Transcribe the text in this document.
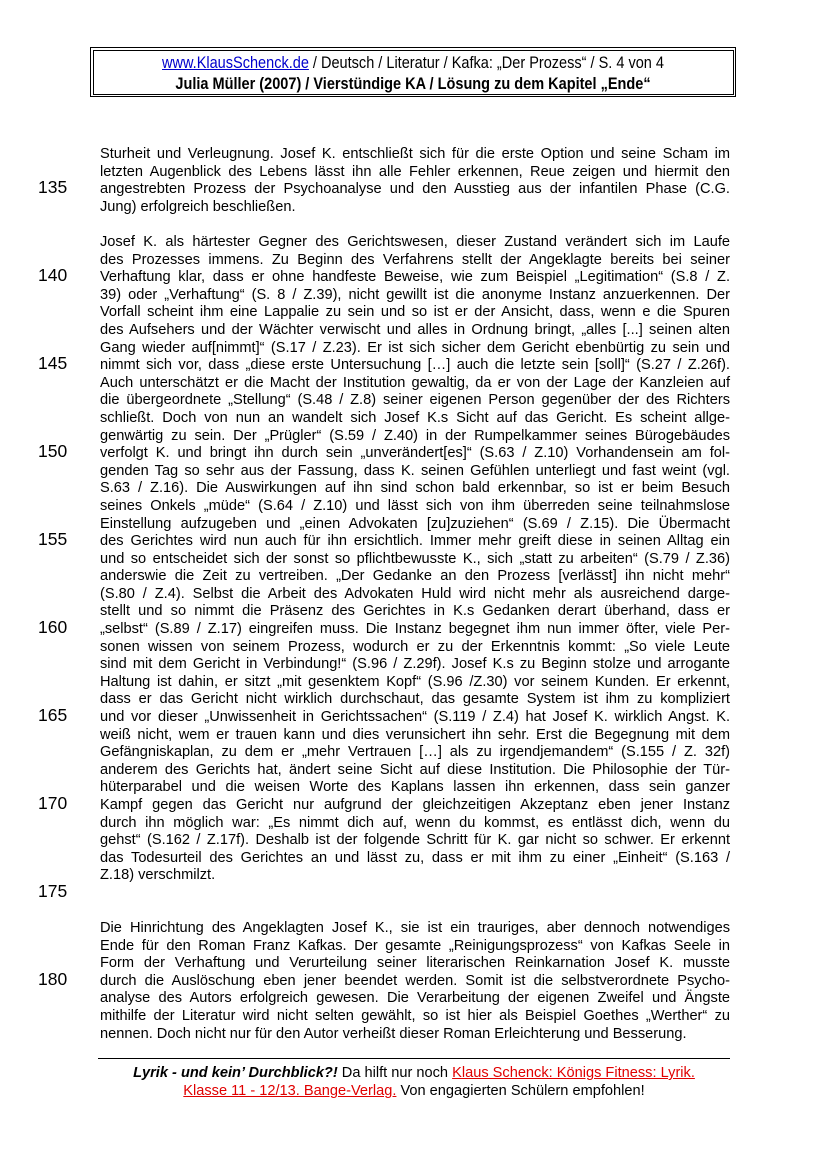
www.KlausSchenck.de / Deutsch / Literatur / Kafka: „Der Prozess“ / S. 4 von 4
Julia Müller (2007) / Vierstündige KA / Lösung zu dem Kapitel „Ende“
135
140
145
150
155
160
165
170
175
180
Sturheit und Verleugnung. Josef K. entschließt sich für die erste Option und seine Scham im
letzten Augenblick des Lebens lässt ihn alle Fehler erkennen, Reue zeigen und hiermit den
angestrebten Prozess der Psychoanalyse und den Ausstieg aus der infantilen Phase (C.G.
Jung) erfolgreich beschließen.
Josef K. als härtester Gegner des Gerichtswesen, dieser Zustand verändert sich im Laufe
des Prozesses immens. Zu Beginn des Verfahrens stellt der Angeklagte bereits bei seiner
Verhaftung klar, dass er ohne handfeste Beweise, wie zum Beispiel „Legitimation“ (S.8 / Z.
39) oder „Verhaftung“ (S. 8 / Z.39), nicht gewillt ist die anonyme Instanz anzuerkennen. Der
Vorfall scheint ihm eine Lappalie zu sein und so ist er der Ansicht, dass, wenn e die Spuren
des Aufsehers und der Wächter verwischt und alles in Ordnung bringt, „alles [...] seinen alten
Gang wieder auf[nimmt]“ (S.17 / Z.23). Er ist sich sicher dem Gericht ebenbürtig zu sein und
nimmt sich vor, dass „diese erste Untersuchung […] auch die letzte sein [soll]“ (S.27 / Z.26f).
Auch unterschätzt er die Macht der Institution gewaltig, da er von der Lage der Kanzleien auf
die übergeordnete „Stellung“ (S.48 / Z.8) seiner eigenen Person gegenüber der des Richters
schließt. Doch von nun an wandelt sich Josef K.s Sicht auf das Gericht. Es scheint allge-
genwärtig zu sein. Der „Prügler“ (S.59 / Z.40) in der Rumpelkammer seines Bürogebäudes
verfolgt K. und bringt ihn durch sein „unverändert[es]“ (S.63 / Z.10) Vorhandensein am fol-
genden Tag so sehr aus der Fassung, dass K. seinen Gefühlen unterliegt und fast weint (vgl.
S.63 / Z.16). Die Auswirkungen auf ihn sind schon bald erkennbar, so ist er beim Besuch
seines Onkels „müde“ (S.64 / Z.10) und lässt sich von ihm überreden seine teilnahmslose
Einstellung aufzugeben und „einen Advokaten [zu]zuziehen“ (S.69 / Z.15). Die Übermacht
des Gerichtes wird nun auch für ihn ersichtlich. Immer mehr greift diese in seinen Alltag ein
und so entscheidet sich der sonst so pflichtbewusste K., sich „statt zu arbeiten“ (S.79 / Z.36)
anderswie die Zeit zu vertreiben. „Der Gedanke an den Prozess [verlässt] ihn nicht mehr“
(S.80 / Z.4). Selbst die Arbeit des Advokaten Huld wird nicht mehr als ausreichend darge-
stellt und so nimmt die Präsenz des Gerichtes in K.s Gedanken derart überhand, dass er
„selbst“ (S.89 / Z.17) eingreifen muss. Die Instanz begegnet ihm nun immer öfter, viele Per-
sonen wissen von seinem Prozess, wodurch er zu der Erkenntnis kommt: „So viele Leute
sind mit dem Gericht in Verbindung!“ (S.96 / Z.29f). Josef K.s zu Beginn stolze und arrogante
Haltung ist dahin, er sitzt „mit gesenktem Kopf“ (S.96 /Z.30) vor seinem Kunden. Er erkennt,
dass er das Gericht nicht wirklich durchschaut, das gesamte System ist ihm zu kompliziert
und vor dieser „Unwissenheit in Gerichtssachen“ (S.119 / Z.4) hat Josef K. wirklich Angst. K.
weiß nicht, wem er trauen kann und dies verunsichert ihn sehr. Erst die Begegnung mit dem
Gefängniskaplan, zu dem er „mehr Vertrauen […] als zu irgendjemandem“ (S.155 / Z. 32f)
anderem des Gerichts hat, ändert seine Sicht auf diese Institution. Die Philosophie der Tür-
hüterparabel und die weisen Worte des Kaplans lassen ihn erkennen, dass sein ganzer
Kampf gegen das Gericht nur aufgrund der gleichzeitigen Akzeptanz eben jener Instanz
durch ihn möglich war: „Es nimmt dich auf, wenn du kommst, es entlässt dich, wenn du
gehst“ (S.162 / Z.17f). Deshalb ist der folgende Schritt für K. gar nicht so schwer. Er erkennt
das Todesurteil des Gerichtes an und lässt zu, dass er mit ihm zu einer „Einheit“ (S.163 /
Z.18) verschmilzt.
Die Hinrichtung des Angeklagten Josef K., sie ist ein trauriges, aber dennoch notwendiges
Ende für den Roman Franz Kafkas. Der gesamte „Reinigungsprozess“ von Kafkas Seele in
Form der Verhaftung und Verurteilung seiner literarischen Reinkarnation Josef K. musste
durch die Auslöschung eben jener beendet werden. Somit ist die selbstverordnete Psycho-
analyse des Autors erfolgreich gewesen. Die Verarbeitung der eigenen Zweifel und Ängste
mithilfe der Literatur wird nicht selten gewählt, so ist hier als Beispiel Goethes „Werther“ zu
nennen. Doch nicht nur für den Autor verheißt dieser Roman Erleichterung und Besserung.
Lyrik - und kein’ Durchblick?! Da hilft nur noch Klaus Schenck: Königs Fitness: Lyrik.
Klasse 11 - 12/13. Bange-Verlag. Von engagierten Schülern empfohlen!
